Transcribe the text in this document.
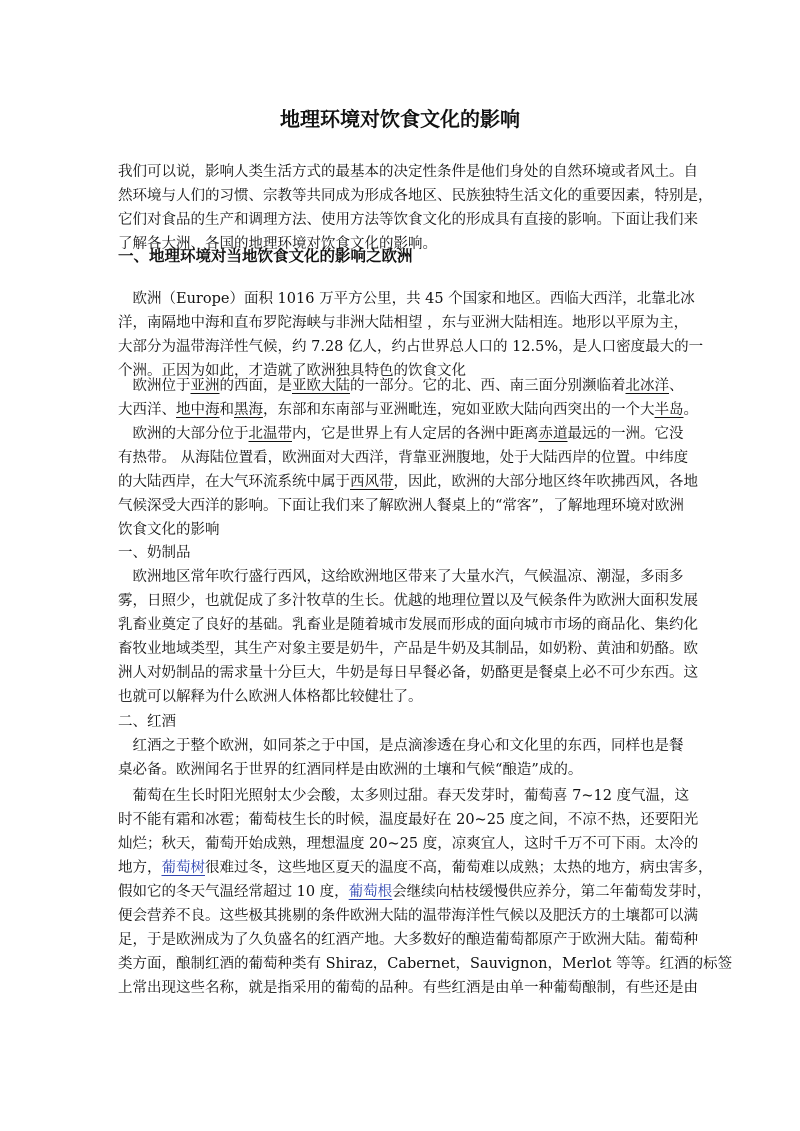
地理环境对饮食文化的影响
我们可以说，影响人类生活方式的最基本的决定性条件是他们身处的自然环境或者风土。自
然环境与人们的习惯、宗教等共同成为形成各地区、民族独特生活文化的重要因素，特别是，
它们对食品的生产和调理方法、使用方法等饮食文化的形成具有直接的影响。下面让我们来
了解各大洲、各国的地理环境对饮食文化的影响。
一、地理环境对当地饮食文化的影响之欧洲
　欧洲（Europe）面积 1016 万平方公里，共 45 个国家和地区。西临大西洋，北靠北冰
洋，南隔地中海和直布罗陀海峡与非洲大陆相望 ，东与亚洲大陆相连。地形以平原为主，
大部分为温带海洋性气候，约 7.28 亿人，约占世界总人口的 12.5%，是人口密度最大的一
个洲。正因为如此，才造就了欧洲独具特色的饮食文化
　欧洲位于亚洲的西面，是亚欧大陆的一部分。它的北、西、南三面分别濒临着北冰洋、
大西洋、地中海和黑海，东部和东南部与亚洲毗连，宛如亚欧大陆向西突出的一个大半岛。
　欧洲的大部分位于北温带内，它是世界上有人定居的各洲中距离赤道最远的一洲。它没
有热带。 从海陆位置看，欧洲面对大西洋，背靠亚洲腹地，处于大陆西岸的位置。中纬度
的大陆西岸，在大气环流系统中属于西风带，因此，欧洲的大部分地区终年吹拂西风，各地
气候深受大西洋的影响。下面让我们来了解欧洲人餐桌上的“常客”，了解地理环境对欧洲
饮食文化的影响
一、奶制品
　欧洲地区常年吹行盛行西风，这给欧洲地区带来了大量水汽，气候温凉、潮湿，多雨多
雾，日照少，也就促成了多汁牧草的生长。优越的地理位置以及气候条件为欧洲大面积发展
乳畜业奠定了良好的基础。乳畜业是随着城市发展而形成的面向城市市场的商品化、集约化
畜牧业地域类型，其生产对象主要是奶牛，产品是牛奶及其制品，如奶粉、黄油和奶酪。欧
洲人对奶制品的需求量十分巨大，牛奶是每日早餐必备，奶酪更是餐桌上必不可少东西。这
也就可以解释为什么欧洲人体格都比较健壮了。
二、红酒
　红酒之于整个欧洲，如同茶之于中国，是点滴渗透在身心和文化里的东西，同样也是餐
桌必备。欧洲闻名于世界的红酒同样是由欧洲的土壤和气候“酿造”成的。
　葡萄在生长时阳光照射太少会酸，太多则过甜。春天发芽时，葡萄喜 7~12 度气温，这
时不能有霜和冰雹；葡萄枝生长的时候，温度最好在 20~25 度之间，不凉不热，还要阳光
灿烂；秋天，葡萄开始成熟，理想温度 20~25 度，凉爽宜人，这时千万不可下雨。太冷的
地方，葡萄树很难过冬，这些地区夏天的温度不高，葡萄难以成熟；太热的地方，病虫害多，
假如它的冬天气温经常超过 10 度，葡萄根会继续向枯枝缓慢供应养分，第二年葡萄发芽时，
便会营养不良。这些极其挑剔的条件欧洲大陆的温带海洋性气候以及肥沃方的土壤都可以满
足，于是欧洲成为了久负盛名的红酒产地。大多数好的酿造葡萄都原产于欧洲大陆。葡萄种
类方面，酿制红酒的葡萄种类有 Shiraz，Cabernet，Sauvignon，Merlot 等等。红酒的标签
上常出现这些名称，就是指采用的葡萄的品种。有些红酒是由单一种葡萄酿制，有些还是由
